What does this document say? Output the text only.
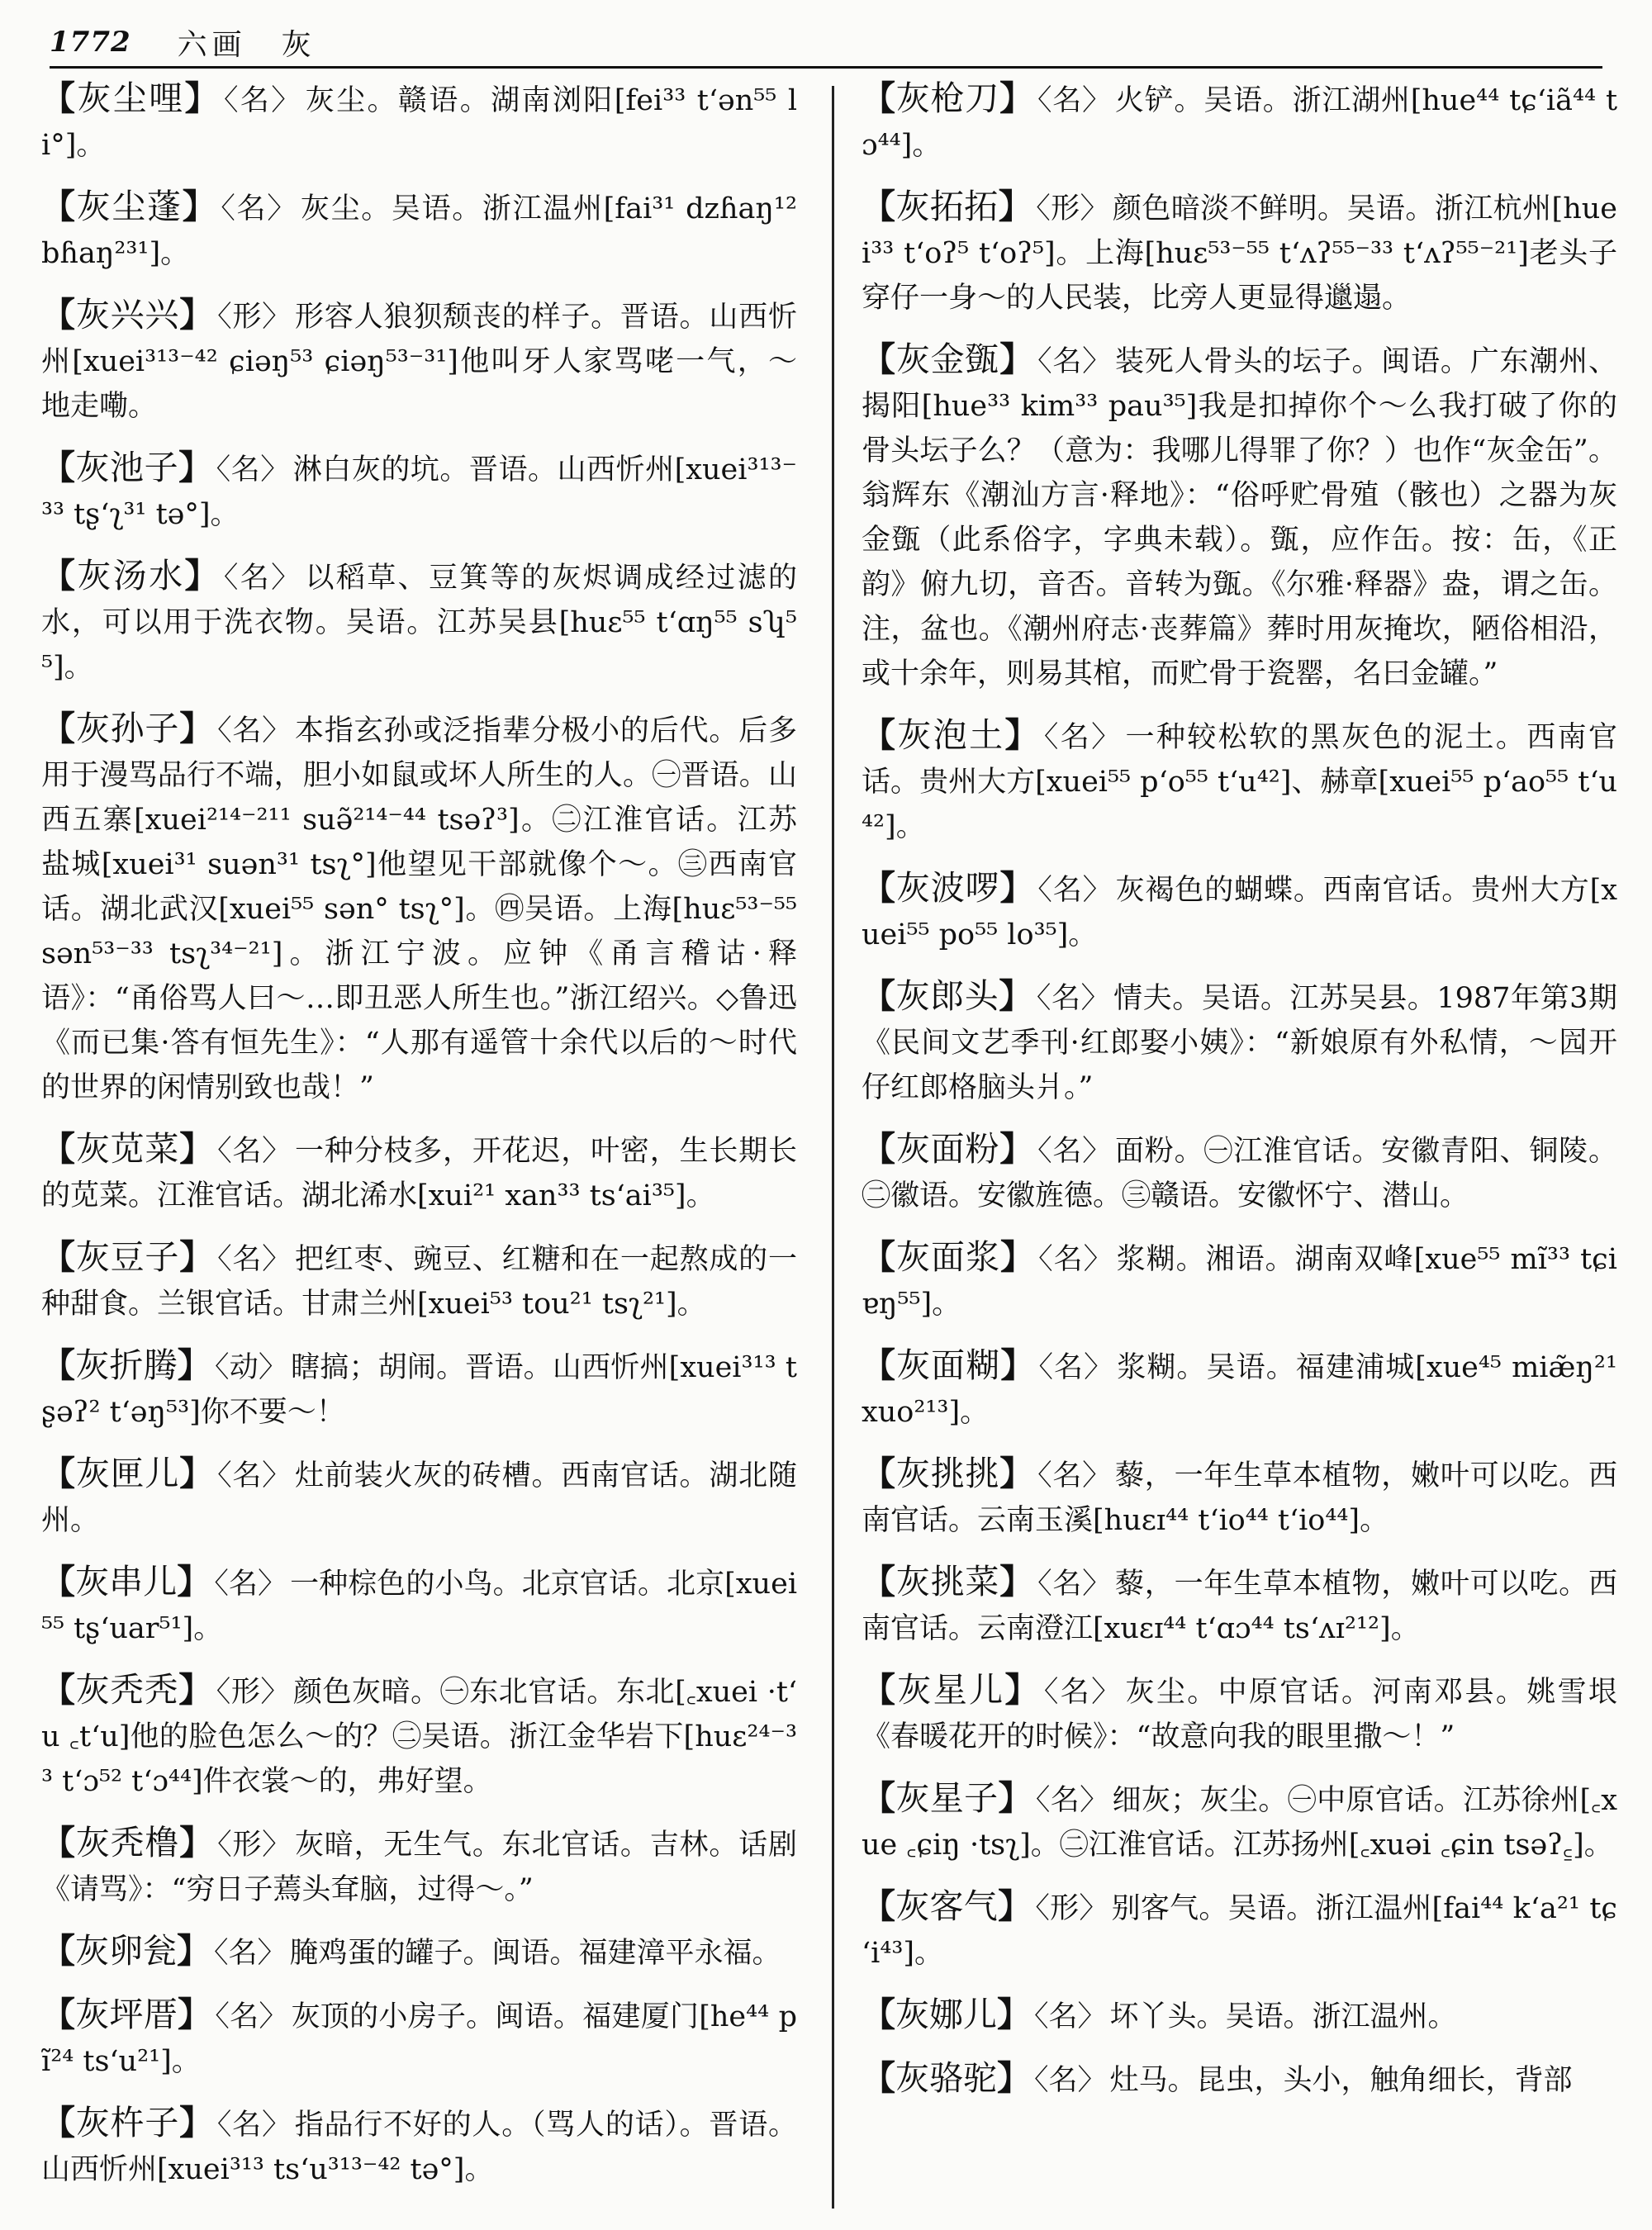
1772 六画　灰

【灰尘哩】 〈名〉 灰尘。赣语。湖南浏阳[fei³³ tʻən⁵⁵ li°]。

【灰尘蓬】 〈名〉 灰尘。吴语。浙江温州[fai³¹ dzɦaŋ¹² bɦaŋ²³¹]。

【灰兴兴】 〈形〉 形容人狼狈颓丧的样子。晋语。山西忻州[xuei³¹³⁻⁴² ɕiəŋ⁵³ ɕiəŋ⁵³⁻³¹]他叫牙人家骂咾一气，～地走嘞。

【灰池子】 〈名〉 淋白灰的坑。晋语。山西忻州[xuei³¹³⁻³³ tʂʻʅ³¹ tə°]。

【灰汤水】 〈名〉 以稻草、豆箕等的灰烬调成经过滤的水，可以用于洗衣物。吴语。江苏吴县[huɛ⁵⁵ tʻɑŋ⁵⁵ sʮ⁵⁵]。

【灰孙子】 〈名〉 本指玄孙或泛指辈分极小的后代。后多用于漫骂品行不端，胆小如鼠或坏人所生的人。㊀晋语。山西五寨[xuei²¹⁴⁻²¹¹ suə̃²¹⁴⁻⁴⁴ tsəʔ³]。㊁江淮官话。江苏盐城[xuei³¹ suən³¹ tsʅ°]他望见干部就像个～。㊂西南官话。湖北武汉[xuei⁵⁵ sən° tsʅ°]。㊃吴语。上海[huɛ⁵³⁻⁵⁵ sən⁵³⁻³³ tsʅ³⁴⁻²¹]。浙江宁波。应钟《甬言稽诂·释语》：“甬俗骂人曰～…即丑恶人所生也。”浙江绍兴。◇鲁迅《而已集·答有恒先生》：“人那有遥管十余代以后的～时代的世界的闲情别致也哉！”

【灰苋菜】 〈名〉 一种分枝多，开花迟，叶密，生长期长的苋菜。江淮官话。湖北浠水[xui²¹ xan³³ tsʻai³⁵]。

【灰豆子】 〈名〉 把红枣、豌豆、红糖和在一起熬成的一种甜食。兰银官话。甘肃兰州[xuei⁵³ tou²¹ tsʅ²¹]。

【灰折腾】 〈动〉 瞎搞；胡闹。晋语。山西忻州[xuei³¹³ tʂəʔ² tʻəŋ⁵³]你不要～！

【灰匣儿】 〈名〉 灶前装火灰的砖槽。西南官话。湖北随州。

【灰串儿】 〈名〉 一种棕色的小鸟。北京官话。北京[xuei⁵⁵ tʂʻuar⁵¹]。

【灰秃秃】 〈形〉 颜色灰暗。㊀东北官话。东北[꜀xuei ·tʻu ꜀tʻu]他的脸色怎么～的？㊁吴语。浙江金华岩下[huɛ²⁴⁻³³ tʻɔ⁵² tʻɔ⁴⁴]件衣裳～的，弗好望。

【灰秃橹】 〈形〉 灰暗，无生气。东北官话。吉林。话剧《请骂》：“穷日子蔫头耷脑，过得～。”

【灰卵瓮】 〈名〉 腌鸡蛋的罐子。闽语。福建漳平永福。

【灰坪厝】 〈名〉 灰顶的小房子。闽语。福建厦门[he⁴⁴ pĩ²⁴ tsʻu²¹]。

【灰杵子】 〈名〉 指品行不好的人。（骂人的话）。晋语。山西忻州[xuei³¹³ tsʻu³¹³⁻⁴² tə°]。

【灰枪刀】 〈名〉 火铲。吴语。浙江湖州[hue⁴⁴ tɕʻiã⁴⁴ tɔ⁴⁴]。

【灰拓拓】 〈形〉 颜色暗淡不鲜明。吴语。浙江杭州[huei³³ tʻoʔ⁵ tʻoʔ⁵]。上海[huɛ⁵³⁻⁵⁵ tʻʌʔ⁵⁵⁻³³ tʻʌʔ⁵⁵⁻²¹]老头子穿仔一身～的人民装，比旁人更显得邋遢。

【灰金㽅】 〈名〉 装死人骨头的坛子。闽语。广东潮州、揭阳[hue³³ kim³³ pau³⁵]我是扣掉你个～么我打破了你的骨头坛子么？（意为：我哪儿得罪了你？）也作“灰金缶”。翁辉东《潮汕方言·释地》：“俗呼贮骨殖（骸也）之器为灰金㽅（此系俗字，字典未载）。㽅，应作缶。按：缶，《正韵》俯九切，音否。音转为㽅。《尔雅·释器》盎，谓之缶。注，盆也。《潮州府志·丧葬篇》葬时用灰掩坎，陋俗相沿，或十余年，则易其棺，而贮骨于瓷罂，名曰金罐。”

【灰泡土】 〈名〉 一种较松软的黑灰色的泥土。西南官话。贵州大方[xuei⁵⁵ pʻo⁵⁵ tʻu⁴²]、赫章[xuei⁵⁵ pʻao⁵⁵ tʻu⁴²]。

【灰波啰】 〈名〉 灰褐色的蝴蝶。西南官话。贵州大方[xuei⁵⁵ po⁵⁵ lo³⁵]。

【灰郎头】 〈名〉 情夫。吴语。江苏吴县。1987年第3期《民间文艺季刊·红郎娶小姨》：“新娘原有外私情，～囥开仔红郎格脑头爿。”

【灰面粉】 〈名〉 面粉。㊀江淮官话。安徽青阳、铜陵。㊁徽语。安徽旌德。㊂赣语。安徽怀宁、潜山。

【灰面浆】 〈名〉 浆糊。湘语。湖南双峰[xue⁵⁵ mĩ³³ tɕiɐŋ⁵⁵]。

【灰面糊】 〈名〉 浆糊。吴语。福建浦城[xue⁴⁵ miæ̃ŋ²¹ xuo²¹³]。

【灰挑挑】 〈名〉 藜，一年生草本植物，嫩叶可以吃。西南官话。云南玉溪[huɛɪ⁴⁴ tʻio⁴⁴ tʻio⁴⁴]。

【灰挑菜】 〈名〉 藜，一年生草本植物，嫩叶可以吃。西南官话。云南澄江[xuɛɪ⁴⁴ tʻɑɔ⁴⁴ tsʻʌɪ²¹²]。

【灰星儿】 〈名〉 灰尘。中原官话。河南邓县。姚雪垠《春暖花开的时候》：“故意向我的眼里撒～！”

【灰星子】 〈名〉 细灰；灰尘。㊀中原官话。江苏徐州[꜀xue ꜀ɕiŋ ·tsʅ]。㊁江淮官话。江苏扬州[꜀xuəi ꜀ɕin tsəʔ꜁]。

【灰客气】 〈形〉 别客气。吴语。浙江温州[fai⁴⁴ kʻa²¹ tɕʻi⁴³]。

【灰娜儿】 〈名〉 坏丫头。吴语。浙江温州。

【灰骆驼】 〈名〉 灶马。昆虫，头小，触角细长，背部
